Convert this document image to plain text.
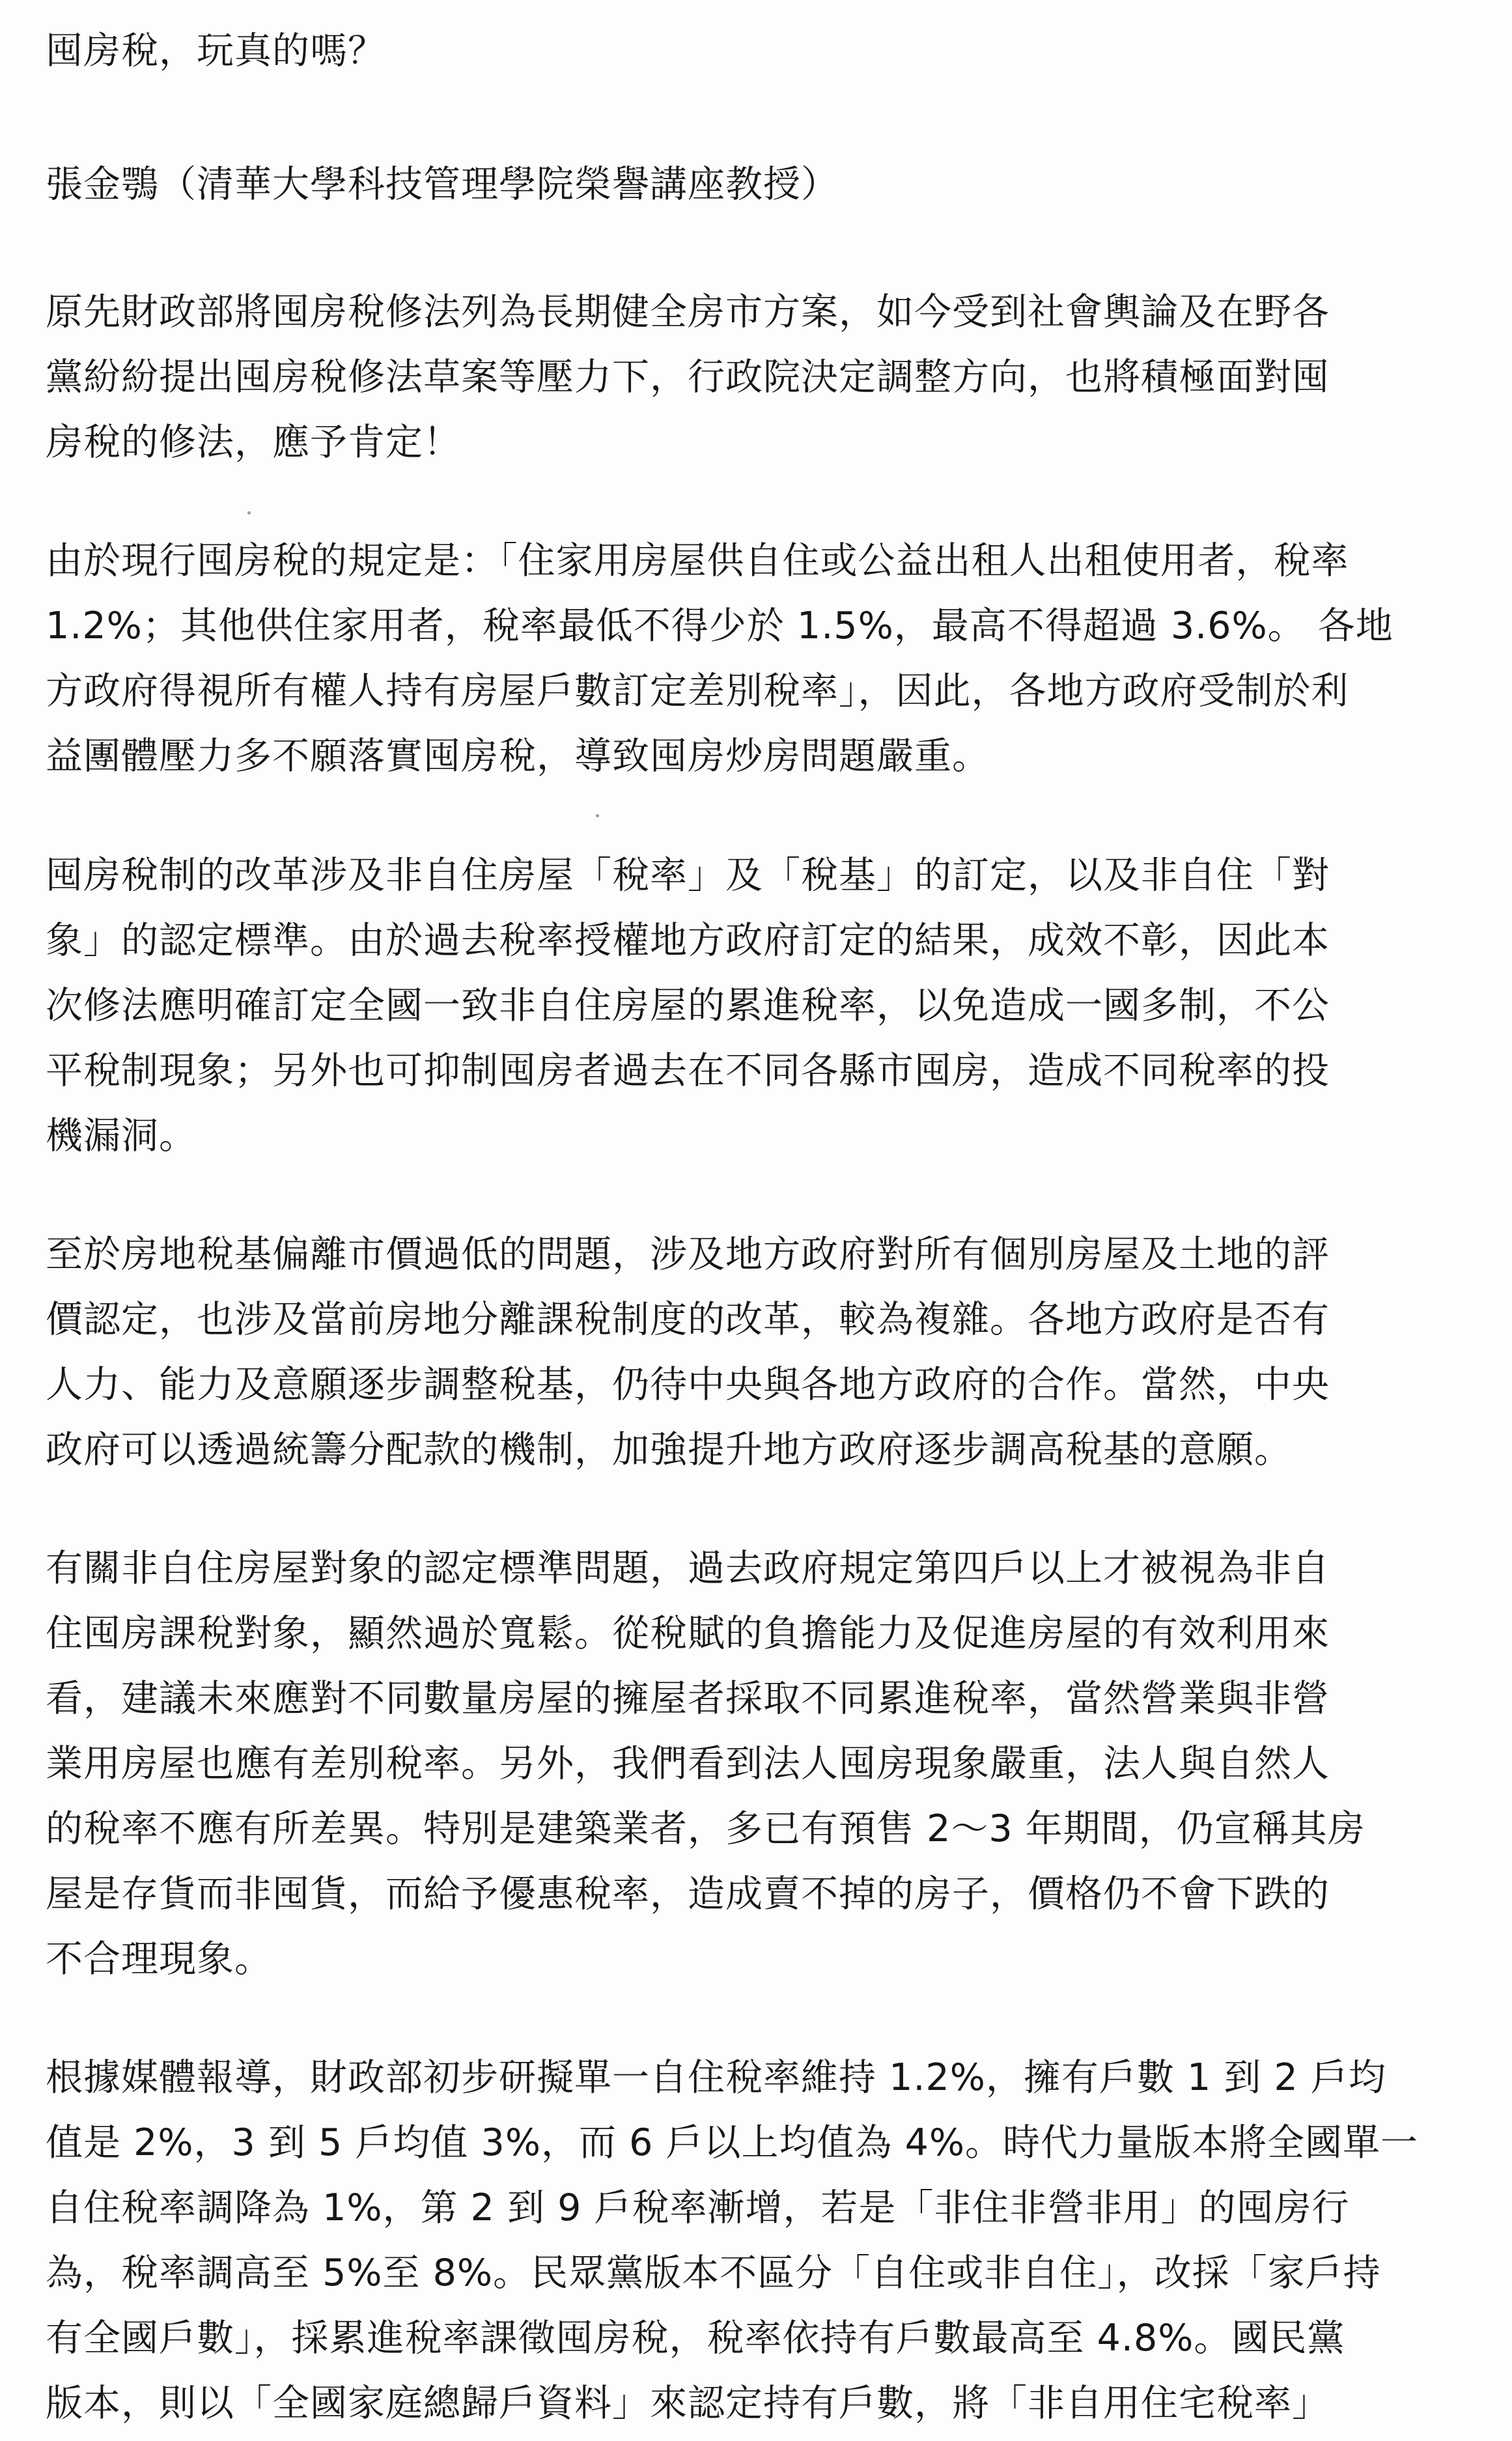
囤房稅，玩真的嗎？

張金鶚（清華大學科技管理學院榮譽講座教授）

原先財政部將囤房稅修法列為長期健全房市方案，如今受到社會輿論及在野各

黨紛紛提出囤房稅修法草案等壓力下，行政院決定調整方向，也將積極面對囤

房稅的修法，應予肯定！

由於現行囤房稅的規定是：「住家用房屋供自住或公益出租人出租使用者，稅率

1.2%；其他供住家用者，稅率最低不得少於 1.5%，最高不得超過 3.6%。 各地

方政府得視所有權人持有房屋戶數訂定差別稅率」，因此，各地方政府受制於利

益團體壓力多不願落實囤房稅，導致囤房炒房問題嚴重。

囤房稅制的改革涉及非自住房屋「稅率」及「稅基」的訂定，以及非自住「對

象」的認定標準。由於過去稅率授權地方政府訂定的結果，成效不彰，因此本

次修法應明確訂定全國一致非自住房屋的累進稅率，以免造成一國多制，不公

平稅制現象；另外也可抑制囤房者過去在不同各縣市囤房，造成不同稅率的投

機漏洞。

至於房地稅基偏離市價過低的問題，涉及地方政府對所有個別房屋及土地的評

價認定，也涉及當前房地分離課稅制度的改革，較為複雜。各地方政府是否有

人力、能力及意願逐步調整稅基，仍待中央與各地方政府的合作。當然，中央

政府可以透過統籌分配款的機制，加強提升地方政府逐步調高稅基的意願。

有關非自住房屋對象的認定標準問題，過去政府規定第四戶以上才被視為非自

住囤房課稅對象，顯然過於寬鬆。從稅賦的負擔能力及促進房屋的有效利用來

看，建議未來應對不同數量房屋的擁屋者採取不同累進稅率，當然營業與非營

業用房屋也應有差別稅率。另外，我們看到法人囤房現象嚴重，法人與自然人

的稅率不應有所差異。特別是建築業者，多已有預售 2～3 年期間，仍宣稱其房

屋是存貨而非囤貨，而給予優惠稅率，造成賣不掉的房子，價格仍不會下跌的

不合理現象。

根據媒體報導，財政部初步研擬單一自住稅率維持 1.2%，擁有戶數 1 到 2 戶均

值是 2%，3 到 5 戶均值 3%，而 6 戶以上均值為 4%。時代力量版本將全國單一

自住稅率調降為 1%，第 2 到 9 戶稅率漸增，若是「非住非營非用」的囤房行

為，稅率調高至 5%至 8%。民眾黨版本不區分「自住或非自住」，改採「家戶持

有全國戶數」，採累進稅率課徵囤房稅，稅率依持有戶數最高至 4.8%。國民黨

版本，則以「全國家庭總歸戶資料」來認定持有戶數，將「非自用住宅稅率」
